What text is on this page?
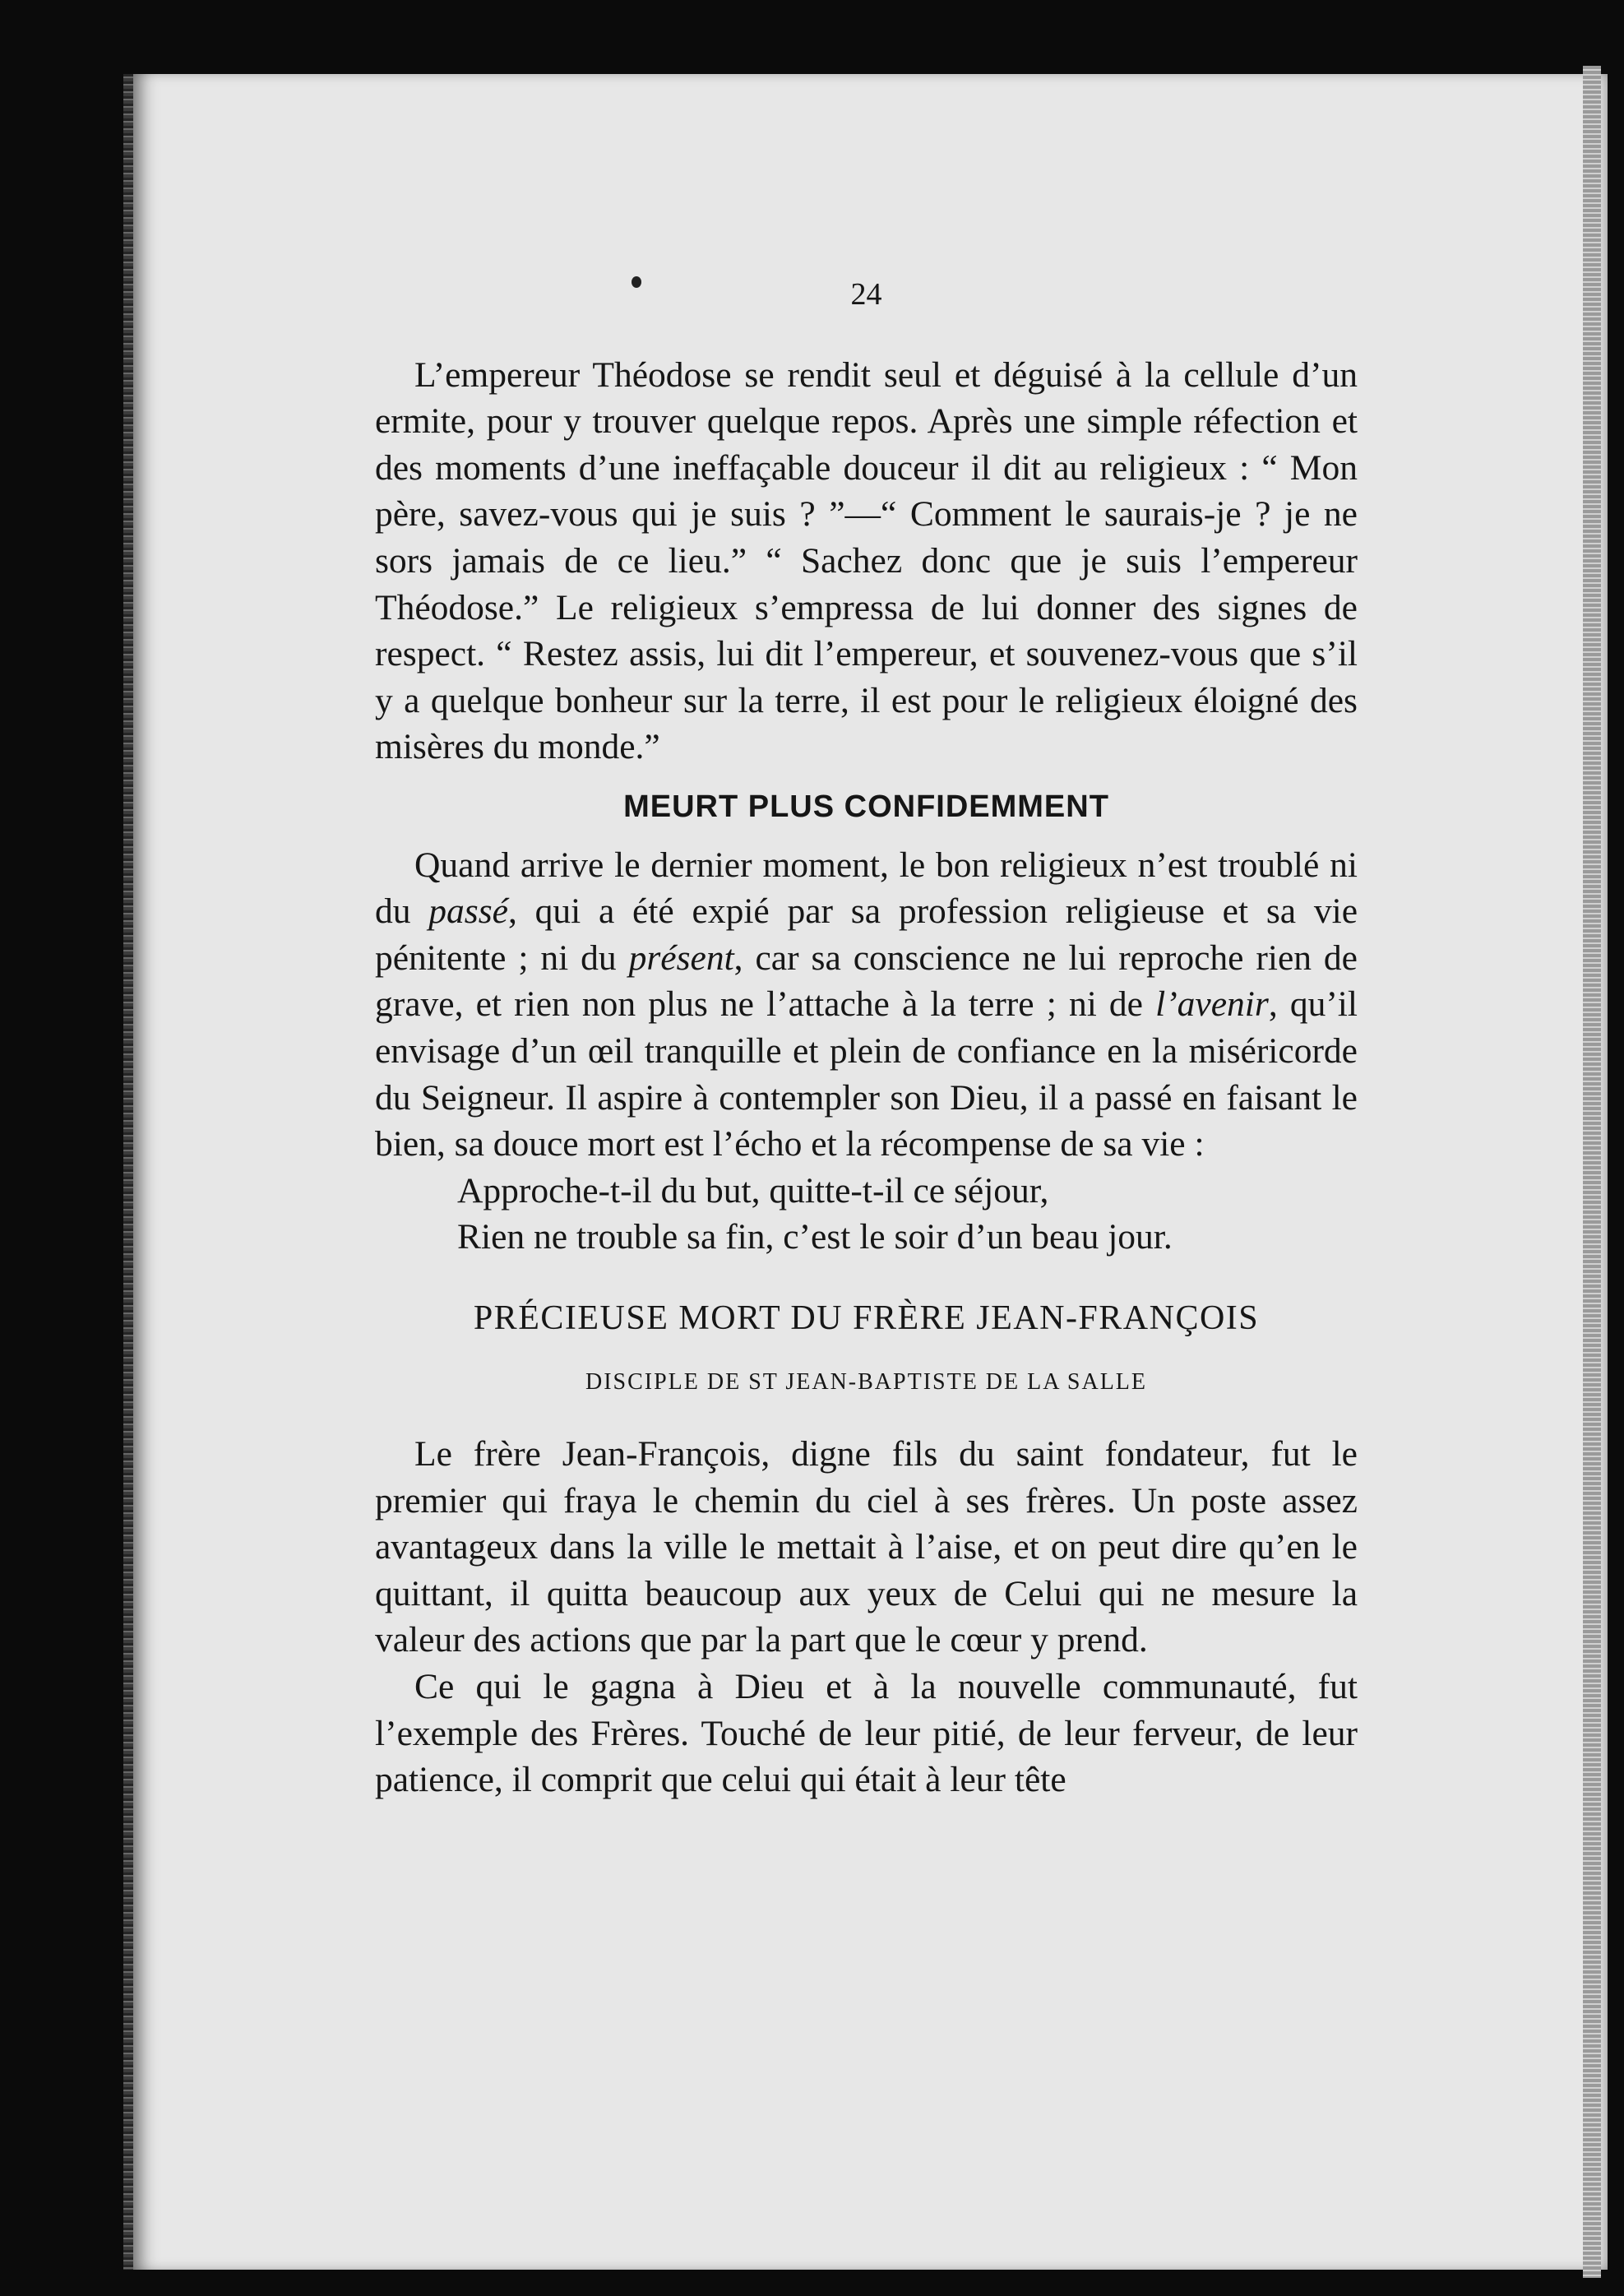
24

L’empereur Théodose se rendit seul et déguisé à la cellule d’un ermite, pour y trouver quelque repos. Après une simple réfection et des moments d’une ineffaçable douceur il dit au religieux : “ Mon père, savez-vous qui je suis ? ”—“ Comment le saurais-je ? je ne sors jamais de ce lieu.” “ Sachez donc que je suis l’empereur Théodose.” Le religieux s’empressa de lui donner des signes de respect. “ Restez assis, lui dit l’empereur, et souvenez-vous que s’il y a quelque bonheur sur la terre, il est pour le religieux éloigné des misères du monde.”

MEURT PLUS CONFIDEMMENT

Quand arrive le dernier moment, le bon religieux n’est troublé ni du passé, qui a été expié par sa profession religieuse et sa vie pénitente ; ni du présent, car sa conscience ne lui reproche rien de grave, et rien non plus ne l’attache à la terre ; ni de l’avenir, qu’il envisage d’un œil tranquille et plein de confiance en la miséricorde du Seigneur. Il aspire à contempler son Dieu, il a passé en faisant le bien, sa douce mort est l’écho et la récompense de sa vie :

Approche-t-il du but, quitte-t-il ce séjour,
Rien ne trouble sa fin, c’est le soir d’un beau jour.
PRÉCIEUSE MORT DU FRÈRE JEAN-FRANÇOIS
DISCIPLE DE ST JEAN-BAPTISTE DE LA SALLE

Le frère Jean-François, digne fils du saint fondateur, fut le premier qui fraya le chemin du ciel à ses frères. Un poste assez avantageux dans la ville le mettait à l’aise, et on peut dire qu’en le quittant, il quitta beaucoup aux yeux de Celui qui ne mesure la valeur des actions que par la part que le cœur y prend.

Ce qui le gagna à Dieu et à la nouvelle communauté, fut l’exemple des Frères. Touché de leur pitié, de leur ferveur, de leur patience, il comprit que celui qui était à leur tête
